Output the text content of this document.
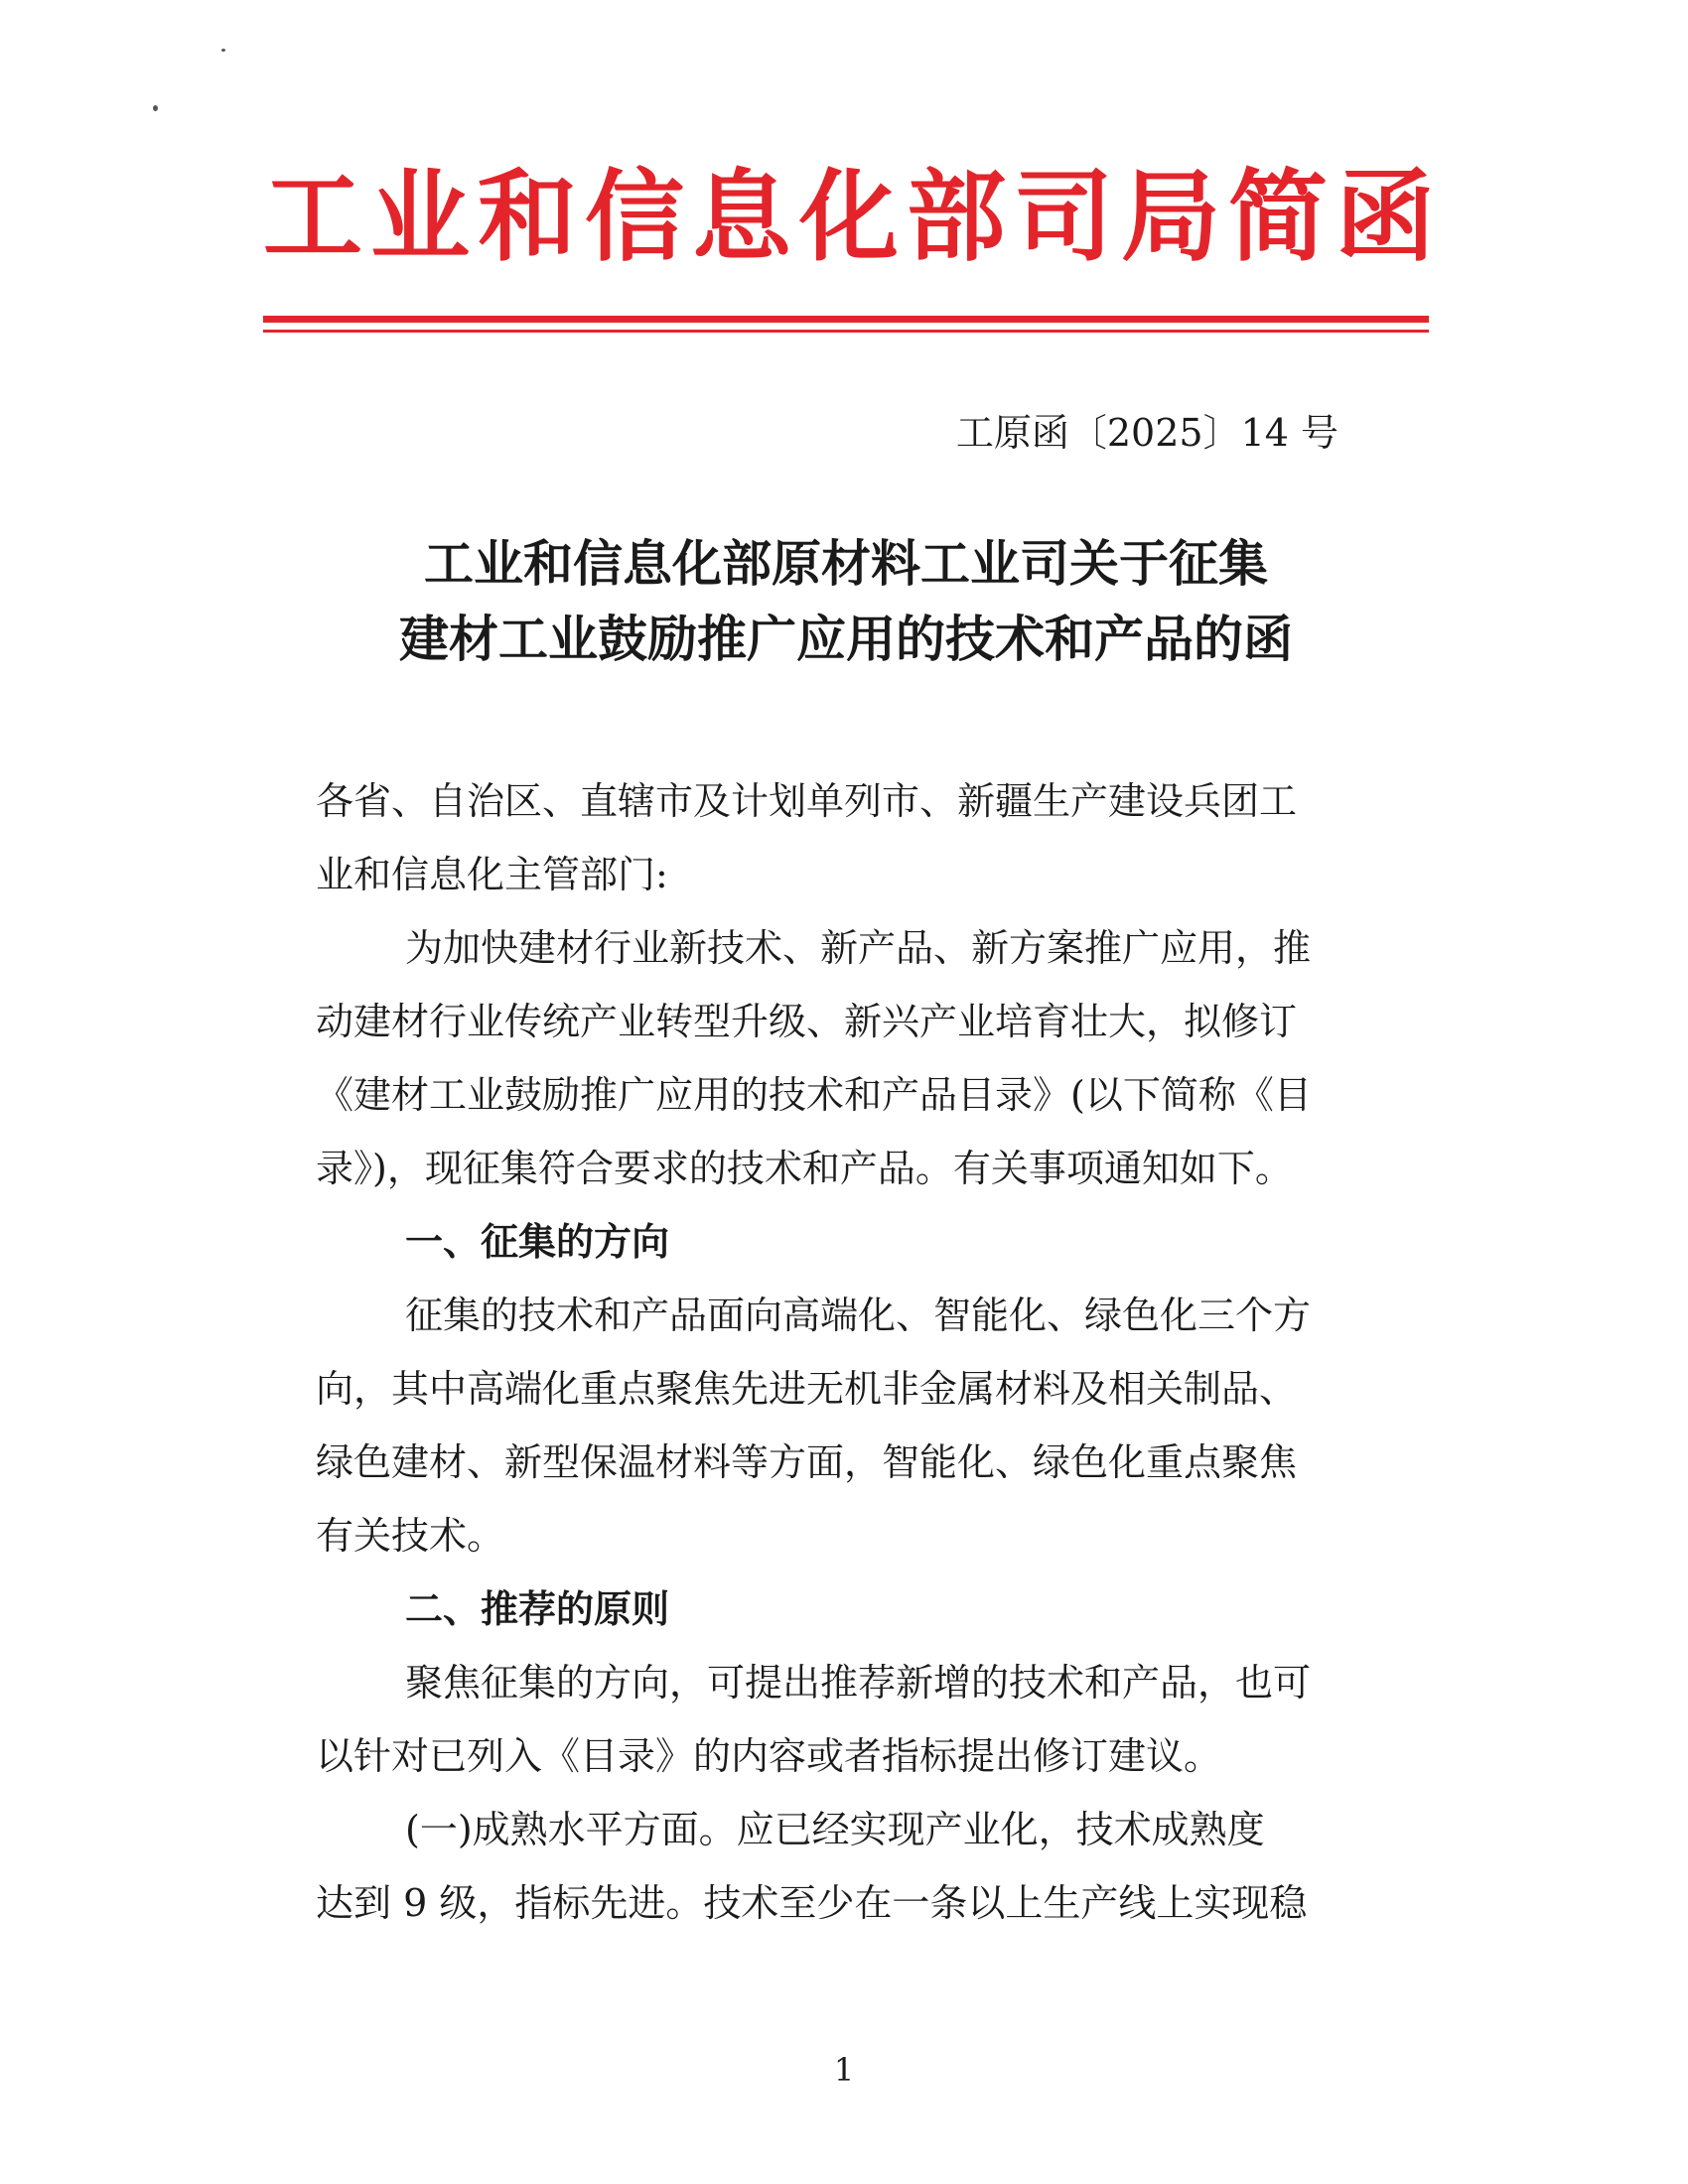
工业和信息化部司局简函
工原函〔2025〕14 号
工业和信息化部原材料工业司关于征集
建材工业鼓励推广应用的技术和产品的函
各省、自治区、直辖市及计划单列市、新疆生产建设兵团工
业和信息化主管部门:
为加快建材行业新技术、新产品、新方案推广应用，推
动建材行业传统产业转型升级、新兴产业培育壮大，拟修订
《建材工业鼓励推广应用的技术和产品目录》(以下简称《目
录》)，现征集符合要求的技术和产品。有关事项通知如下。
一、征集的方向
征集的技术和产品面向高端化、智能化、绿色化三个方
向，其中高端化重点聚焦先进无机非金属材料及相关制品、
绿色建材、新型保温材料等方面，智能化、绿色化重点聚焦
有关技术。
二、推荐的原则
聚焦征集的方向，可提出推荐新增的技术和产品，也可
以针对已列入《目录》的内容或者指标提出修订建议。
(一)成熟水平方面。应已经实现产业化，技术成熟度
达到 9 级，指标先进。技术至少在一条以上生产线上实现稳
1
